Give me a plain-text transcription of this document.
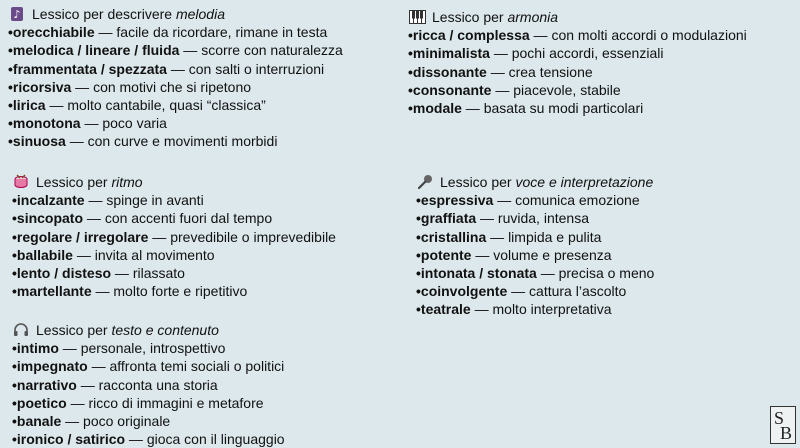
♪ Lessico per descrivere
melodia
•orecchiabile — facile da ricordare, rimane in testa
•melodica / lineare / fluida — scorre con naturalezza
•frammentata / spezzata — con salti o interruzioni
•ricorsiva — con motivi che si ripetono
•lirica — molto cantabile, quasi “classica”
•monotona — poco varia
•sinuosa — con curve e movimenti morbidi
Lessico per
armonia
•ricca / complessa — con molti accordi o modulazioni
•minimalista — pochi accordi, essenziali
•dissonante — crea tensione
•consonante — piacevole, stabile
•modale — basata su modi particolari
Lessico per
ritmo
•incalzante — spinge in avanti
•sincopato — con accenti fuori dal tempo
•regolare / irregolare — prevedibile o imprevedibile
•ballabile — invita al movimento
•lento / disteso — rilassato
•martellante — molto forte e ripetitivo
Lessico per
voce e interpretazione
•espressiva — comunica emozione
•graffiata — ruvida, intensa
•cristallina — limpida e pulita
•potente — volume e presenza
•intonata / stonata — precisa o meno
•coinvolgente — cattura l’ascolto
•teatrale — molto interpretativa
Lessico per
testo e contenuto
•intimo — personale, introspettivo
•impegnato — affronta temi sociali o politici
•narrativo — racconta una storia
•poetico — ricco di immagini e metafore
•banale — poco originale
•ironico / satirico — gioca con il linguaggio
S
B
